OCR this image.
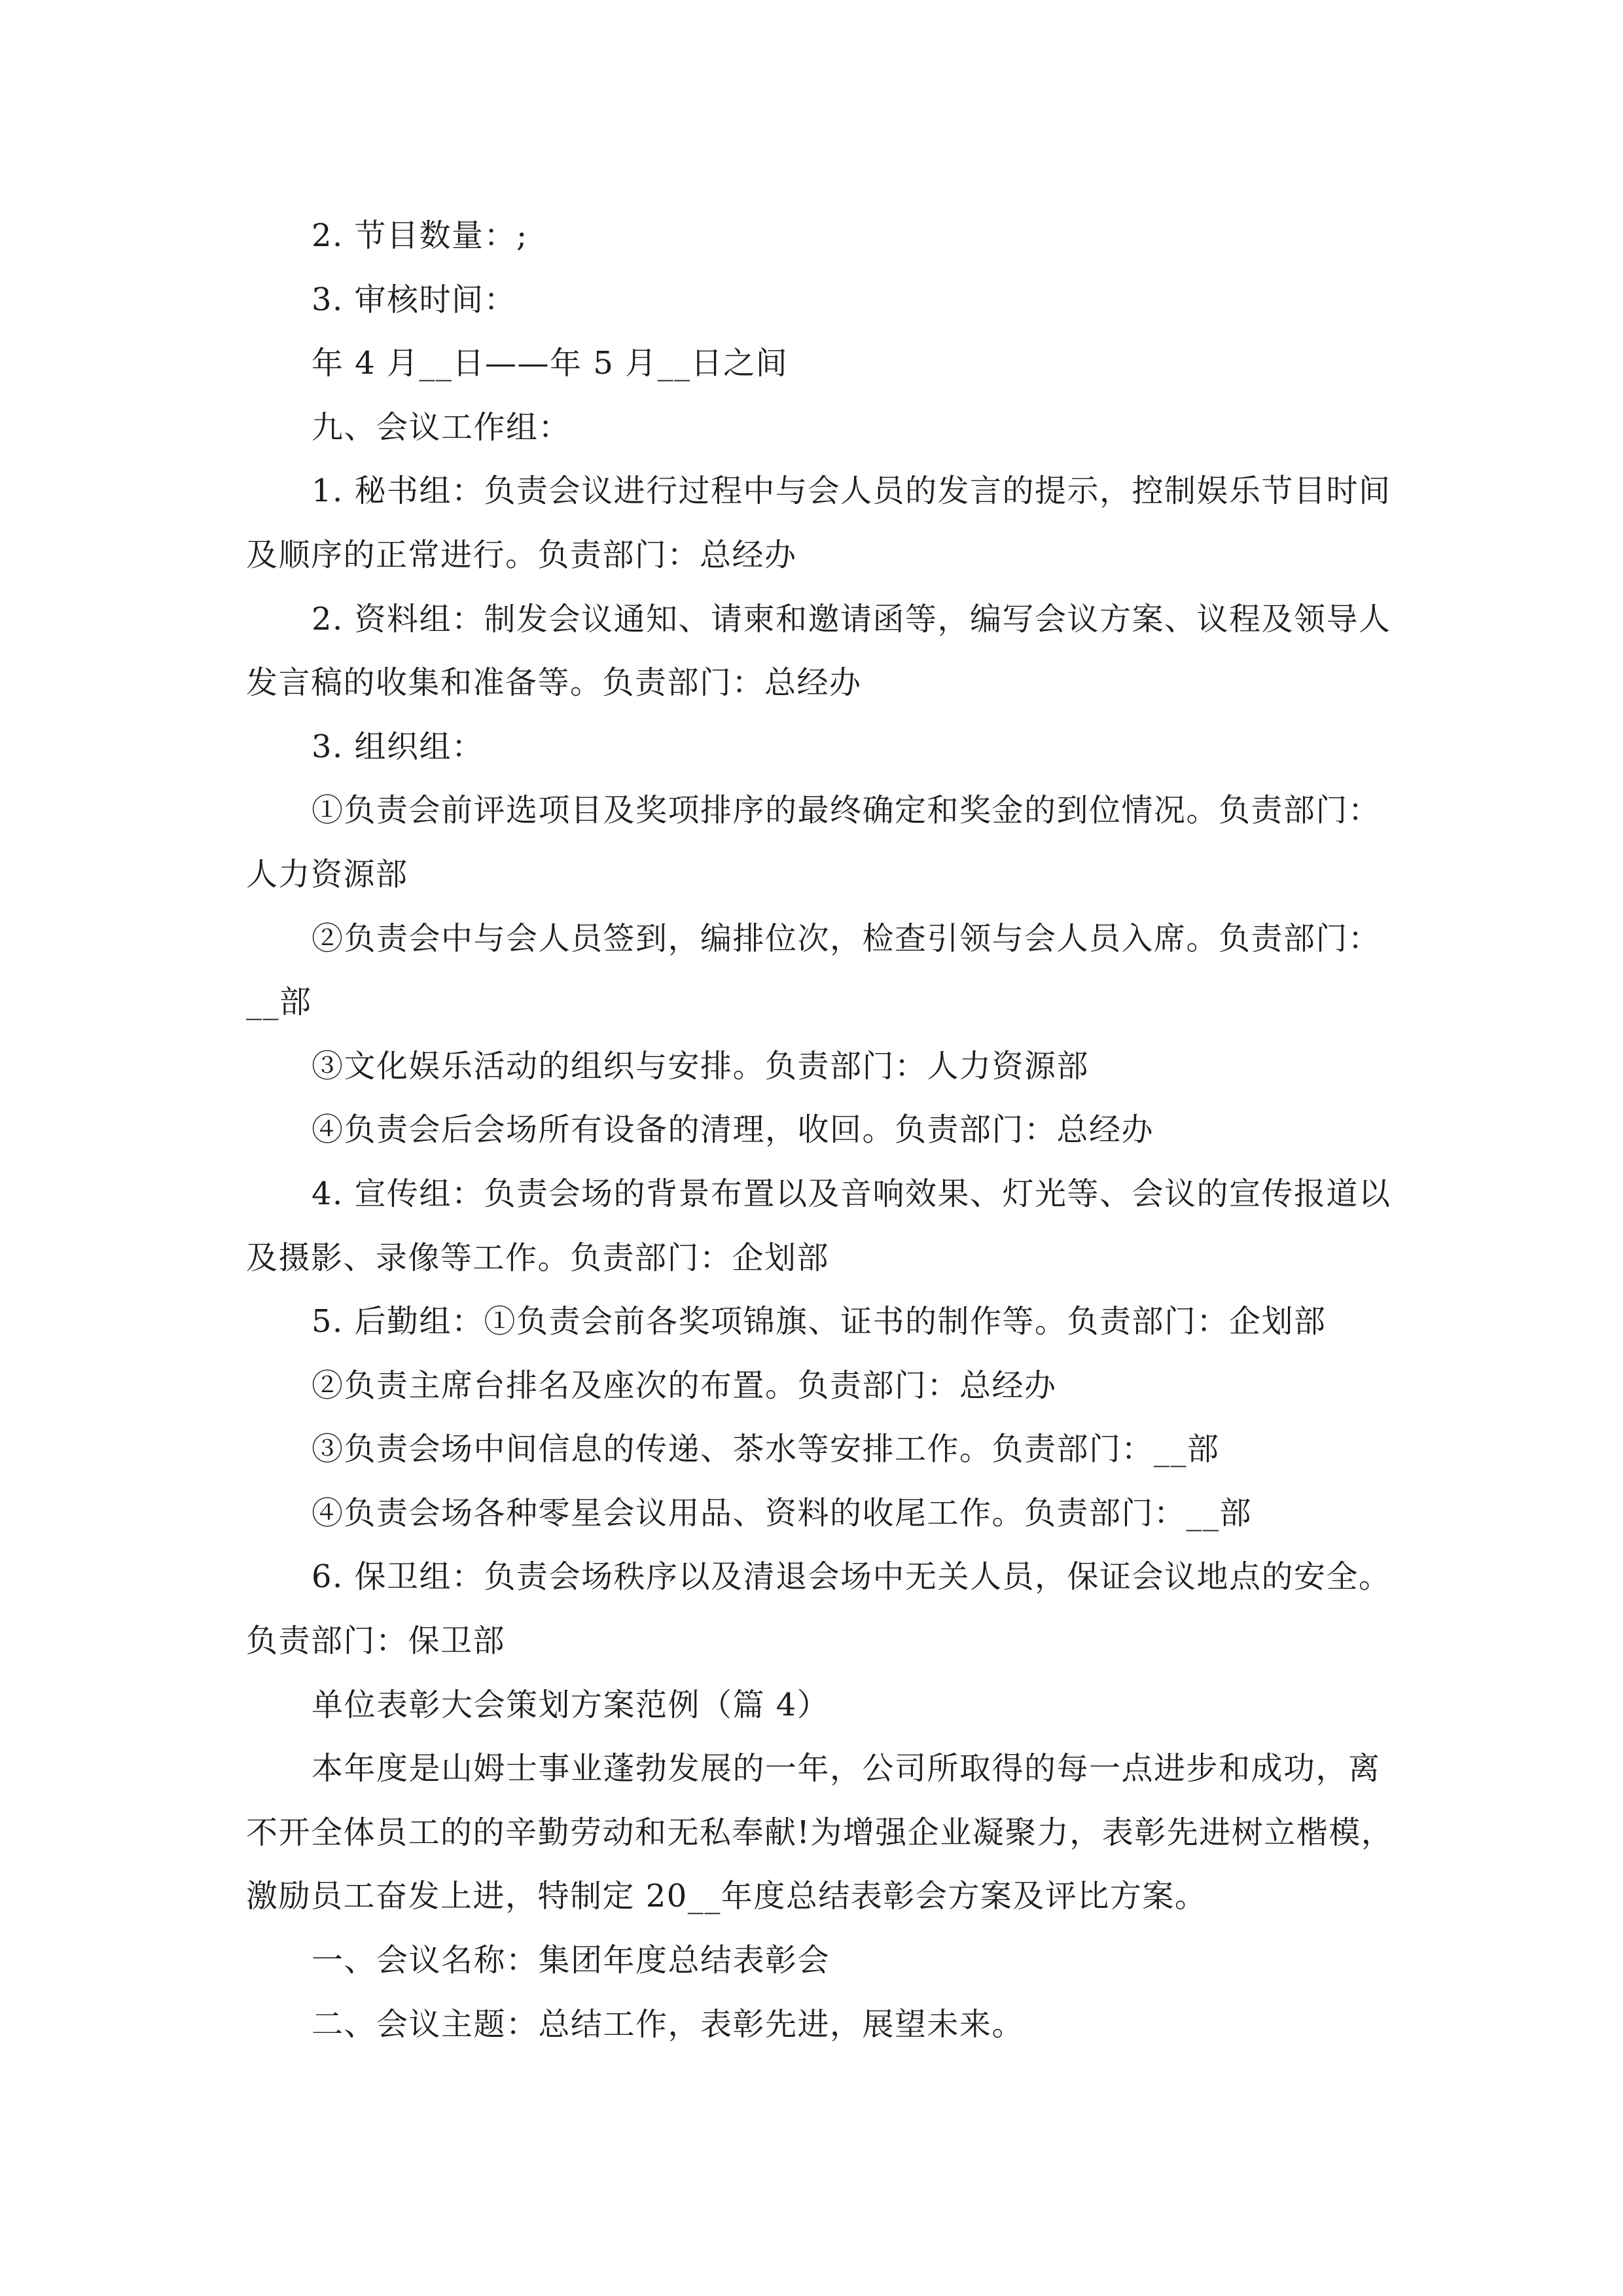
2. 节目数量：;
3. 审核时间：
年 4 月__日——年 5 月__日之间
九、会议工作组：
1. 秘书组：负责会议进行过程中与会人员的发言的提示，控制娱乐节目时间
及顺序的正常进行。负责部门：总经办
2. 资料组：制发会议通知、请柬和邀请函等，编写会议方案、议程及领导人
发言稿的收集和准备等。负责部门：总经办
3. 组织组：
①负责会前评选项目及奖项排序的最终确定和奖金的到位情况。负责部门：
人力资源部
②负责会中与会人员签到，编排位次，检查引领与会人员入席。负责部门：
__部
③文化娱乐活动的组织与安排。负责部门：人力资源部
④负责会后会场所有设备的清理，收回。负责部门：总经办
4. 宣传组：负责会场的背景布置以及音响效果、灯光等、会议的宣传报道以
及摄影、录像等工作。负责部门：企划部
5. 后勤组：①负责会前各奖项锦旗、证书的制作等。负责部门：企划部
②负责主席台排名及座次的布置。负责部门：总经办
③负责会场中间信息的传递、茶水等安排工作。负责部门：__部
④负责会场各种零星会议用品、资料的收尾工作。负责部门：__部
6. 保卫组：负责会场秩序以及清退会场中无关人员，保证会议地点的安全。
负责部门：保卫部
单位表彰大会策划方案范例（篇 4）
本年度是山姆士事业蓬勃发展的一年，公司所取得的每一点进步和成功，离
不开全体员工的的辛勤劳动和无私奉献!为增强企业凝聚力，表彰先进树立楷模，
激励员工奋发上进，特制定 20__年度总结表彰会方案及评比方案。
一、会议名称：集团年度总结表彰会
二、会议主题：总结工作，表彰先进，展望未来。
